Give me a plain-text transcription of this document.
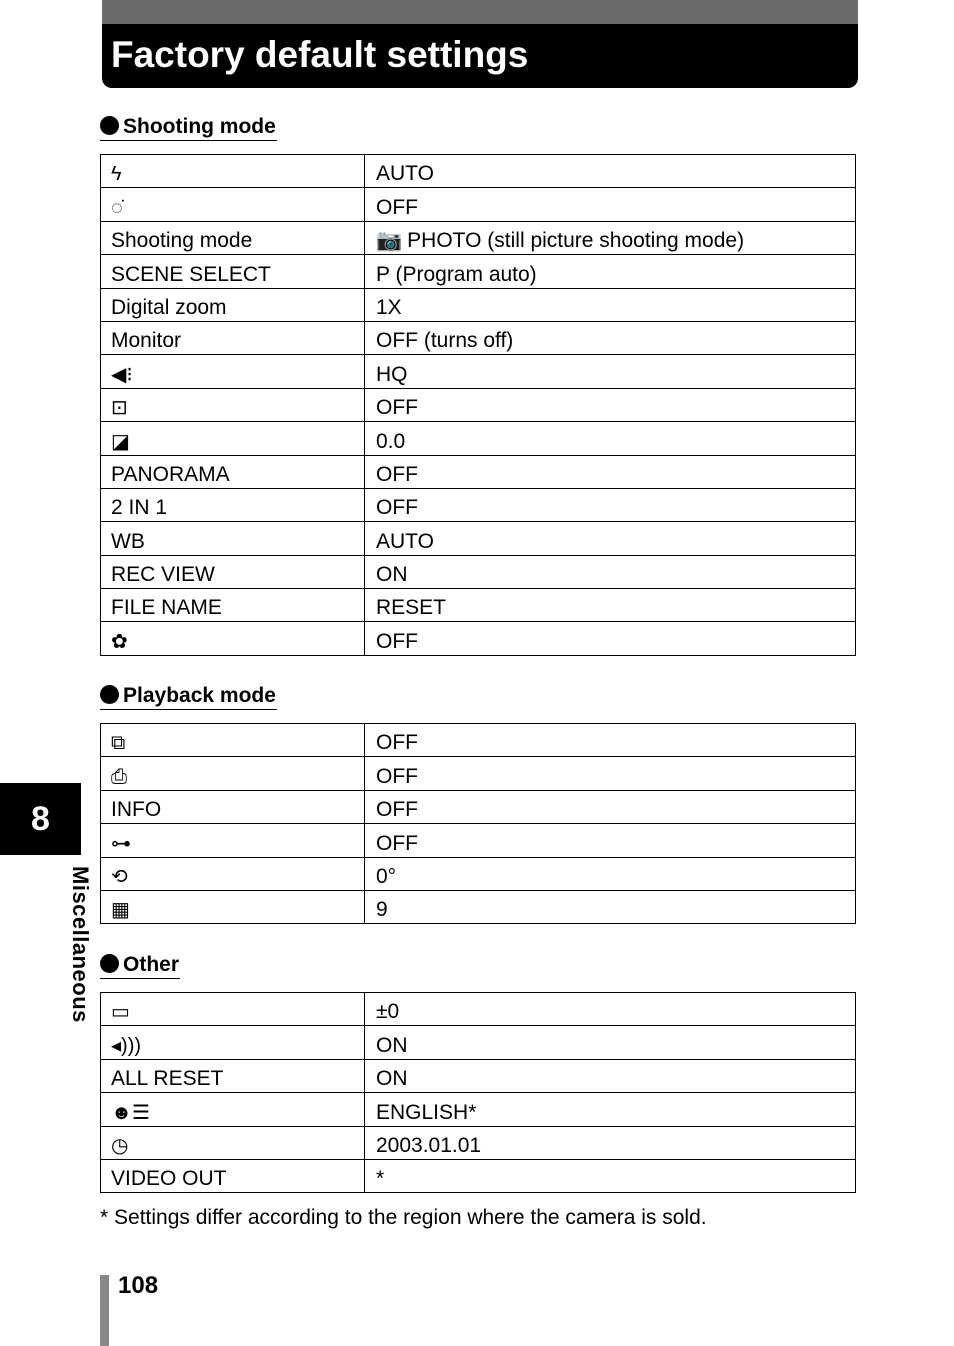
Factory default settings
Shooting mode
ϟ	AUTO
◌̇	OFF
Shooting mode	📷 PHOTO (still picture shooting mode)
SCENE SELECT	P (Program auto)
Digital zoom	1X
Monitor	OFF (turns off)
◀⁝	HQ
⊡	OFF
◪	0.0
PANORAMA	OFF
2 IN 1	OFF
WB	AUTO
REC VIEW	ON
FILE NAME	RESET
✿	OFF
Playback mode
⧉	OFF
⎙	OFF
INFO	OFF
⊶	OFF
⟲	0°
▦	9
Other
▭	±0
◂)))	ON
ALL RESET	ON
☻☰	ENGLISH*
◷	2003.01.01
VIDEO OUT	*
* Settings differ according to the region where the camera is sold.
8
Miscellaneous
108
